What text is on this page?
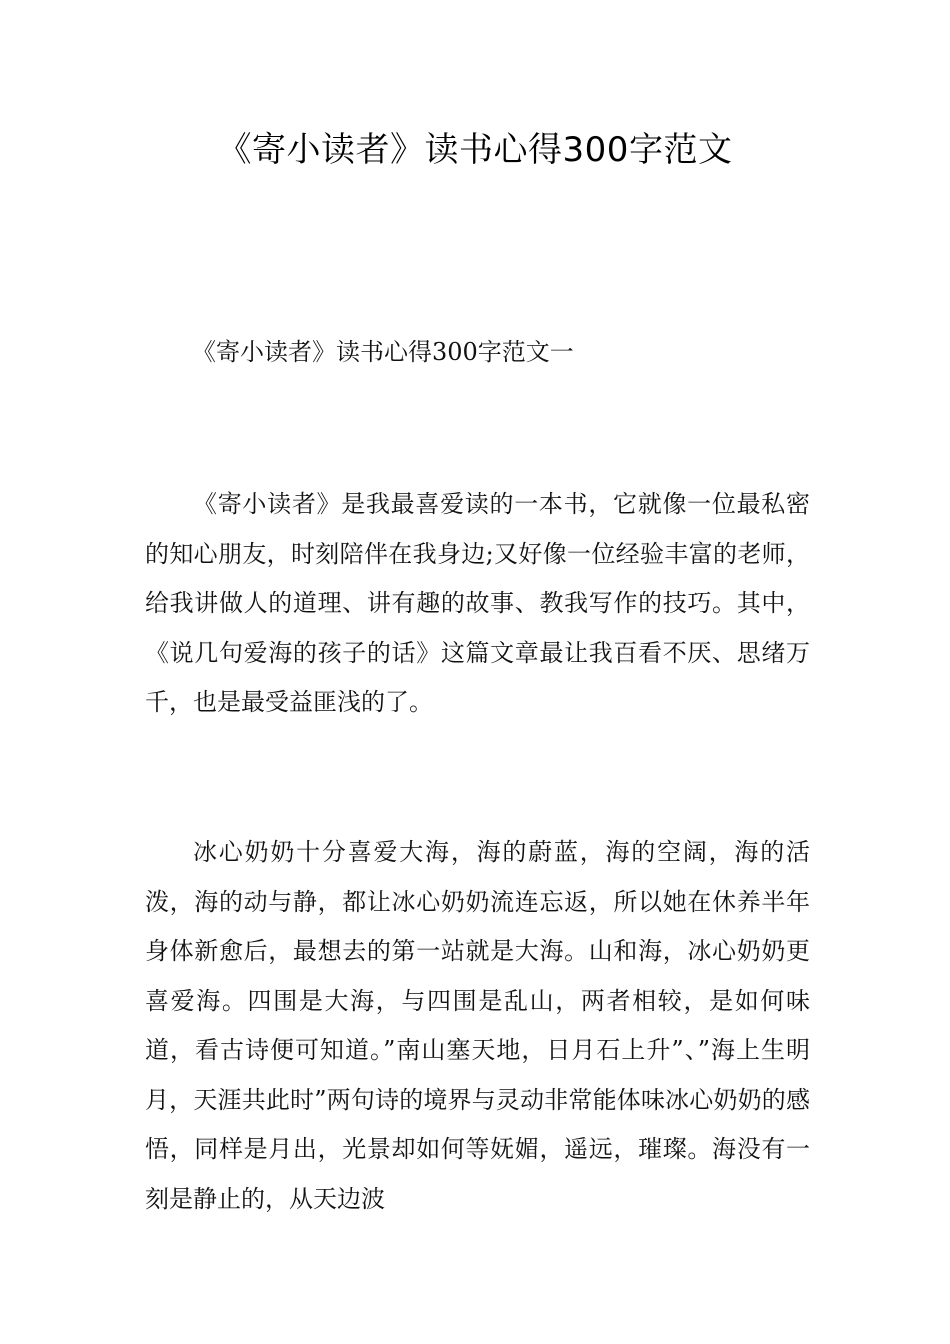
《寄小读者》读书心得300字范文

《寄小读者》读书心得300字范文一

《寄小读者》是我最喜爱读的一本书，它就像一位最私密的知心朋友，时刻陪伴在我身边;又好像一位经验丰富的老师，给我讲做人的道理、讲有趣的故事、教我写作的技巧。其中，《说几句爱海的孩子的话》这篇文章最让我百看不厌、思绪万千，也是最受益匪浅的了。

冰心奶奶十分喜爱大海，海的蔚蓝，海的空阔，海的活泼，海的动与静，都让冰心奶奶流连忘返，所以她在休养半年身体新愈后，最想去的第一站就是大海。山和海，冰心奶奶更喜爱海。四围是大海，与四围是乱山，两者相较，是如何味道，看古诗便可知道。”南山塞天地，日月石上升”、”海上生明月，天涯共此时”两句诗的境界与灵动非常能体味冰心奶奶的感悟，同样是月出，光景却如何等妩媚，遥远，璀璨。海没有一刻是静止的，从天边波
